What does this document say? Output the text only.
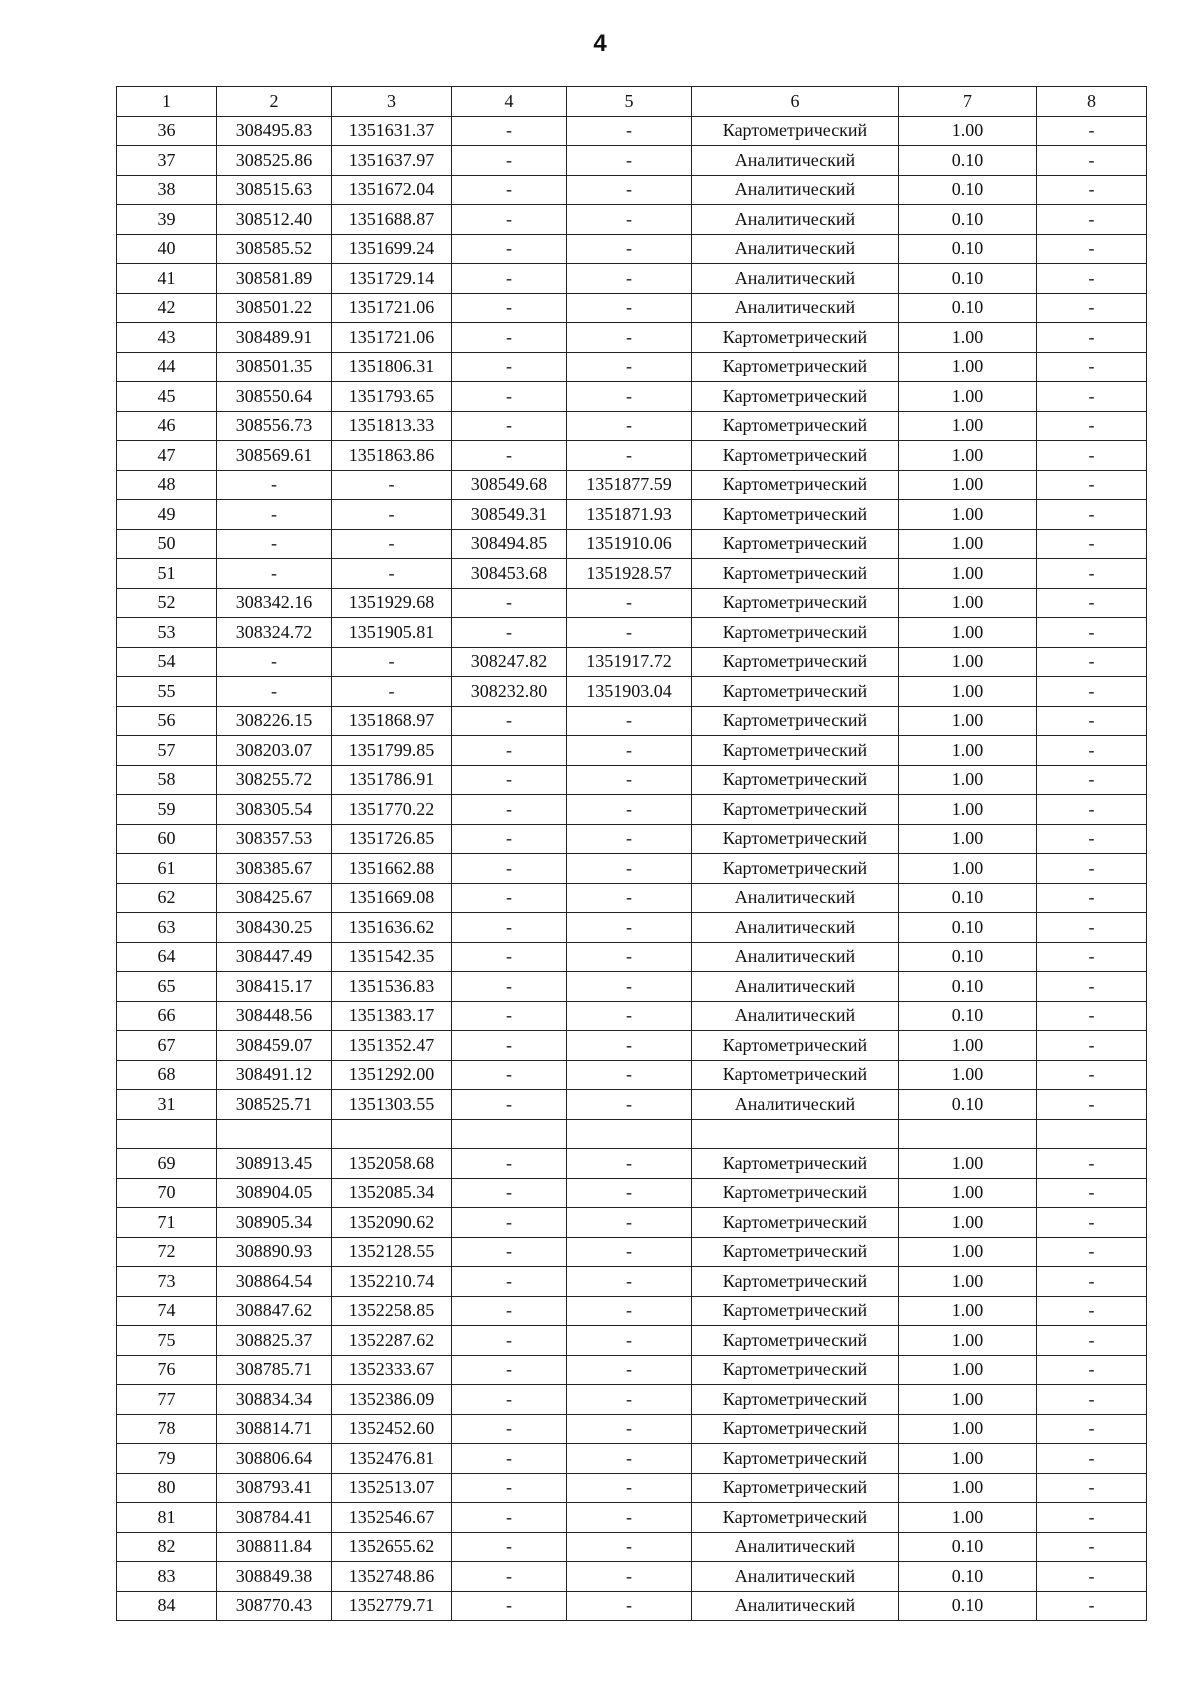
4
1	2	3	4	5	6	7	8
36	308495.83	1351631.37	-	-	Картометрический	1.00	-
37	308525.86	1351637.97	-	-	Аналитический	0.10	-
38	308515.63	1351672.04	-	-	Аналитический	0.10	-
39	308512.40	1351688.87	-	-	Аналитический	0.10	-
40	308585.52	1351699.24	-	-	Аналитический	0.10	-
41	308581.89	1351729.14	-	-	Аналитический	0.10	-
42	308501.22	1351721.06	-	-	Аналитический	0.10	-
43	308489.91	1351721.06	-	-	Картометрический	1.00	-
44	308501.35	1351806.31	-	-	Картометрический	1.00	-
45	308550.64	1351793.65	-	-	Картометрический	1.00	-
46	308556.73	1351813.33	-	-	Картометрический	1.00	-
47	308569.61	1351863.86	-	-	Картометрический	1.00	-
48	-	-	308549.68	1351877.59	Картометрический	1.00	-
49	-	-	308549.31	1351871.93	Картометрический	1.00	-
50	-	-	308494.85	1351910.06	Картометрический	1.00	-
51	-	-	308453.68	1351928.57	Картометрический	1.00	-
52	308342.16	1351929.68	-	-	Картометрический	1.00	-
53	308324.72	1351905.81	-	-	Картометрический	1.00	-
54	-	-	308247.82	1351917.72	Картометрический	1.00	-
55	-	-	308232.80	1351903.04	Картометрический	1.00	-
56	308226.15	1351868.97	-	-	Картометрический	1.00	-
57	308203.07	1351799.85	-	-	Картометрический	1.00	-
58	308255.72	1351786.91	-	-	Картометрический	1.00	-
59	308305.54	1351770.22	-	-	Картометрический	1.00	-
60	308357.53	1351726.85	-	-	Картометрический	1.00	-
61	308385.67	1351662.88	-	-	Картометрический	1.00	-
62	308425.67	1351669.08	-	-	Аналитический	0.10	-
63	308430.25	1351636.62	-	-	Аналитический	0.10	-
64	308447.49	1351542.35	-	-	Аналитический	0.10	-
65	308415.17	1351536.83	-	-	Аналитический	0.10	-
66	308448.56	1351383.17	-	-	Аналитический	0.10	-
67	308459.07	1351352.47	-	-	Картометрический	1.00	-
68	308491.12	1351292.00	-	-	Картометрический	1.00	-
31	308525.71	1351303.55	-	-	Аналитический	0.10	-

69	308913.45	1352058.68	-	-	Картометрический	1.00	-
70	308904.05	1352085.34	-	-	Картометрический	1.00	-
71	308905.34	1352090.62	-	-	Картометрический	1.00	-
72	308890.93	1352128.55	-	-	Картометрический	1.00	-
73	308864.54	1352210.74	-	-	Картометрический	1.00	-
74	308847.62	1352258.85	-	-	Картометрический	1.00	-
75	308825.37	1352287.62	-	-	Картометрический	1.00	-
76	308785.71	1352333.67	-	-	Картометрический	1.00	-
77	308834.34	1352386.09	-	-	Картометрический	1.00	-
78	308814.71	1352452.60	-	-	Картометрический	1.00	-
79	308806.64	1352476.81	-	-	Картометрический	1.00	-
80	308793.41	1352513.07	-	-	Картометрический	1.00	-
81	308784.41	1352546.67	-	-	Картометрический	1.00	-
82	308811.84	1352655.62	-	-	Аналитический	0.10	-
83	308849.38	1352748.86	-	-	Аналитический	0.10	-
84	308770.43	1352779.71	-	-	Аналитический	0.10	-
